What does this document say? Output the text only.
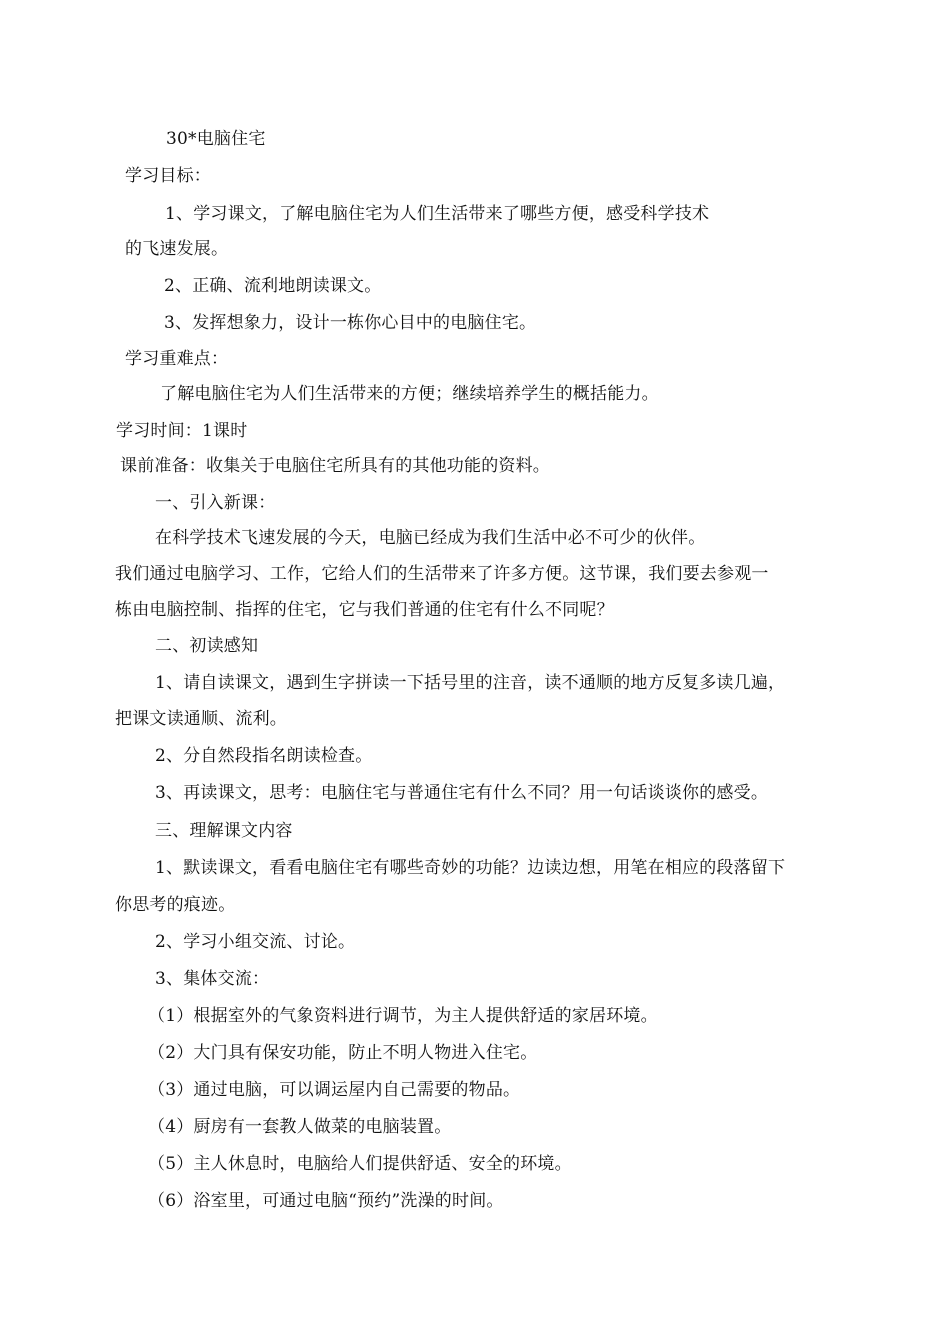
30*电脑住宅
学习目标：
1、学习课文，了解电脑住宅为人们生活带来了哪些方便，感受科学技术
的飞速发展。
2、正确、流利地朗读课文。
3、发挥想象力，设计一栋你心目中的电脑住宅。
学习重难点：
了解电脑住宅为人们生活带来的方便；继续培养学生的概括能力。
学习时间：1课时
课前准备：收集关于电脑住宅所具有的其他功能的资料。
一、引入新课：
在科学技术飞速发展的今天，电脑已经成为我们生活中必不可少的伙伴。
我们通过电脑学习、工作，它给人们的生活带来了许多方便。这节课，我们要去参观一
栋由电脑控制、指挥的住宅，它与我们普通的住宅有什么不同呢？
二、初读感知
1、请自读课文，遇到生字拼读一下括号里的注音，读不通顺的地方反复多读几遍，
把课文读通顺、流利。
2、分自然段指名朗读检查。
3、再读课文，思考：电脑住宅与普通住宅有什么不同？用一句话谈谈你的感受。
三、理解课文内容
1、默读课文，看看电脑住宅有哪些奇妙的功能？边读边想，用笔在相应的段落留下
你思考的痕迹。
2、学习小组交流、讨论。
3、集体交流：
（1）根据室外的气象资料进行调节，为主人提供舒适的家居环境。
（2）大门具有保安功能，防止不明人物进入住宅。
（3）通过电脑，可以调运屋内自己需要的物品。
（4）厨房有一套教人做菜的电脑装置。
（5）主人休息时，电脑给人们提供舒适、安全的环境。
（6）浴室里，可通过电脑“预约”洗澡的时间。
